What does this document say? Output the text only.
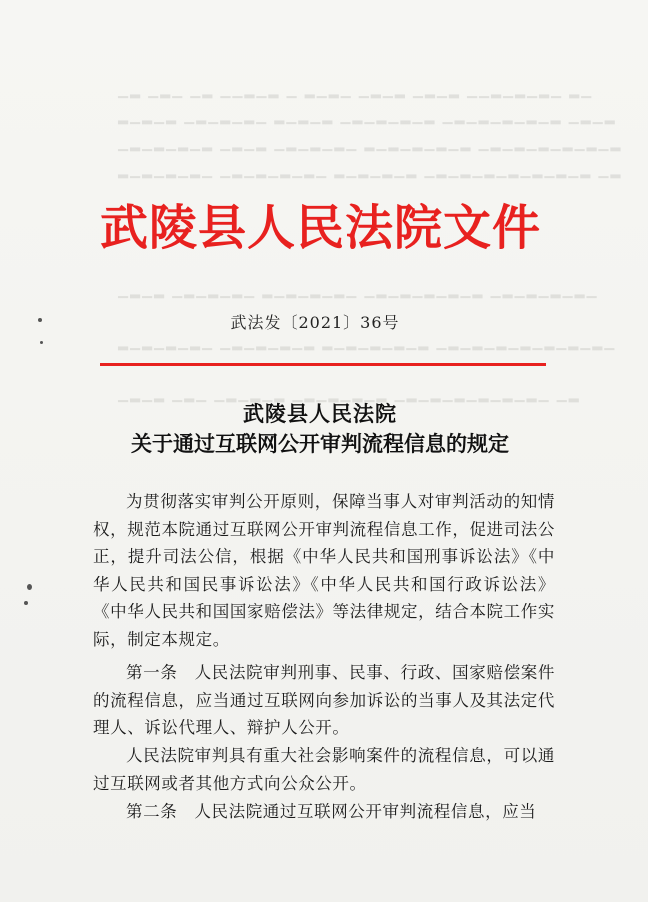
▁▂ ▁▂▁ ▁▂ ▁▁▂▁▂ ▁ ▂▁▂▁ ▁▂▁▂ ▁▂▁▂ ▁▁▂▁▂▁▂▁ ▂▁
▂▁▂▁▂ ▁▂▁▂▁▂▁ ▂▁▂▁▂ ▁▂▁▂▁▂▁▂ ▁▂▁▂▁▂▁▂▁▂ ▁▂▁▂
▁▂▁▂▁▂▁▂ ▁▂▁▂ ▁▂▁▂▁▂▁ ▂▁▂▁▂▁▂▁▂ ▁▂▁▂▁▂▁▂▁▂▁▂
▂▁▂▁▂▁▂▁ ▁▂▁▂▁▂▁▂▁ ▂▁▂▁▂▁▂ ▁▂▁▂▁▂▁▂▁▂▁▂▁▂ ▁▂
▁▂▁▂ ▁▂▁▂▁▂▁ ▂▁▂▁▂▁▂▁ ▁▂▁▂▁▂▁▂▁▂ ▁▂▁▂▁▂▁▂▁
▂▁▂▁▂▁▂▁ ▁▂▁▂▁▂▁▂ ▂▁▂▁▂▁▂▁▂ ▁▂▁▂▁▂▁▂▁▂▁▂▁▂▁
▁▂▁▂ ▁▂▁ ▁▂▁▂▁▂ ▁▂▁▂▁▂▁▂ ▁▂▁▂▁▂▁▂▁▂▁▂▁ ▁▂
武陵县人民法院文件
武法发〔2021〕36号
武陵县人民法院
关于通过互联网公开审判流程信息的规定
为贯彻落实审判公开原则，保障当事人对审判活动的知情权，规范本院通过互联网公开审判流程信息工作，促进司法公正，提升司法公信，根据《中华人民共和国刑事诉讼法》《中华人民共和国民事诉讼法》《中华人民共和国行政诉讼法》《中华人民共和国国家赔偿法》等法律规定，结合本院工作实际，制定本规定。
第一条　人民法院审判刑事、民事、行政、国家赔偿案件的流程信息，应当通过互联网向参加诉讼的当事人及其法定代理人、诉讼代理人、辩护人公开。
人民法院审判具有重大社会影响案件的流程信息，可以通过互联网或者其他方式向公众公开。
第二条　人民法院通过互联网公开审判流程信息，应当
